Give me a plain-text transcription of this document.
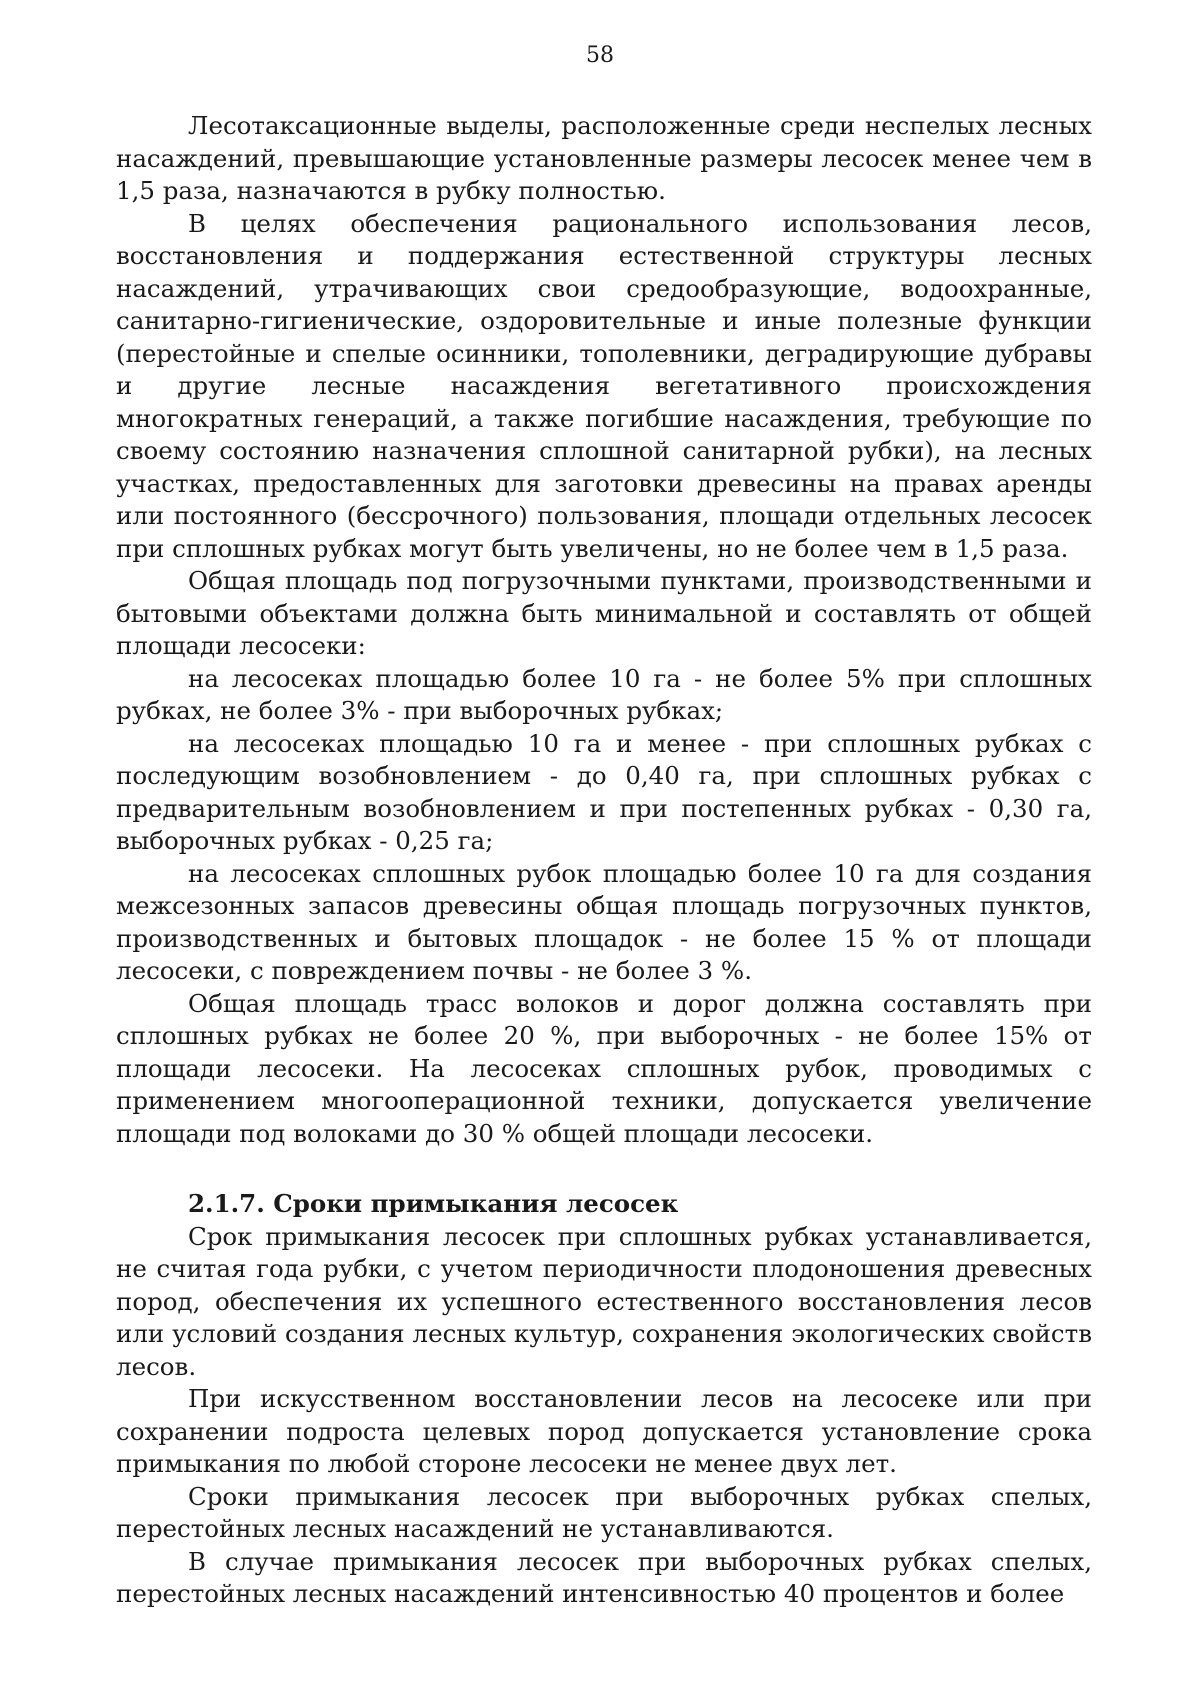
58

Лесотаксационные выделы, расположенные среди неспелых лесных насаждений, превышающие установленные размеры лесосек менее чем в 1,5 раза, назначаются в рубку полностью.

В целях обеспечения рационального использования лесов, восстановления и поддержания естественной структуры лесных насаждений, утрачивающих свои средообразующие, водоохранные, санитарно-гигиенические, оздоровительные и иные полезные функции (перестойные и спелые осинники, тополевники, деградирующие дубравы и другие лесные насаждения вегетативного происхождения многократных генераций, а также погибшие насаждения, требующие по своему состоянию назначения сплошной санитарной рубки), на лесных участках, предоставленных для заготовки древесины на правах аренды или постоянного (бессрочного) пользования, площади отдельных лесосек при сплошных рубках могут быть увеличены, но не более чем в 1,5 раза.

Общая площадь под погрузочными пунктами, производственными и бытовыми объектами должна быть минимальной и составлять от общей площади лесосеки:

на лесосеках площадью более 10 га - не более 5% при сплошных рубках, не более 3% - при выборочных рубках;

на лесосеках площадью 10 га и менее - при сплошных рубках с последующим возобновлением - до 0,40 га, при сплошных рубках с предварительным возобновлением и при постепенных рубках - 0,30 га, выборочных рубках - 0,25 га;

на лесосеках сплошных рубок площадью более 10 га для создания межсезонных запасов древесины общая площадь погрузочных пунктов, производственных и бытовых площадок - не более 15 % от площади лесосеки, с повреждением почвы - не более 3 %.

Общая площадь трасс волоков и дорог должна составлять при сплошных рубках не более 20 %, при выборочных - не более 15% от площади лесосеки. На лесосеках сплошных рубок, проводимых с применением многооперационной техники, допускается увеличение площади под волоками до 30 % общей площади лесосеки.

2.1.7. Сроки примыкания лесосек

Срок примыкания лесосек при сплошных рубках устанавливается, не считая года рубки, с учетом периодичности плодоношения древесных пород, обеспечения их успешного естественного восстановления лесов или условий создания лесных культур, сохранения экологических свойств лесов.

При искусственном восстановлении лесов на лесосеке или при сохранении подроста целевых пород допускается установление срока примыкания по любой стороне лесосеки не менее двух лет.

Сроки примыкания лесосек при выборочных рубках спелых, перестойных лесных насаждений не устанавливаются.

В случае примыкания лесосек при выборочных рубках спелых, перестойных лесных насаждений интенсивностью 40 процентов и более
